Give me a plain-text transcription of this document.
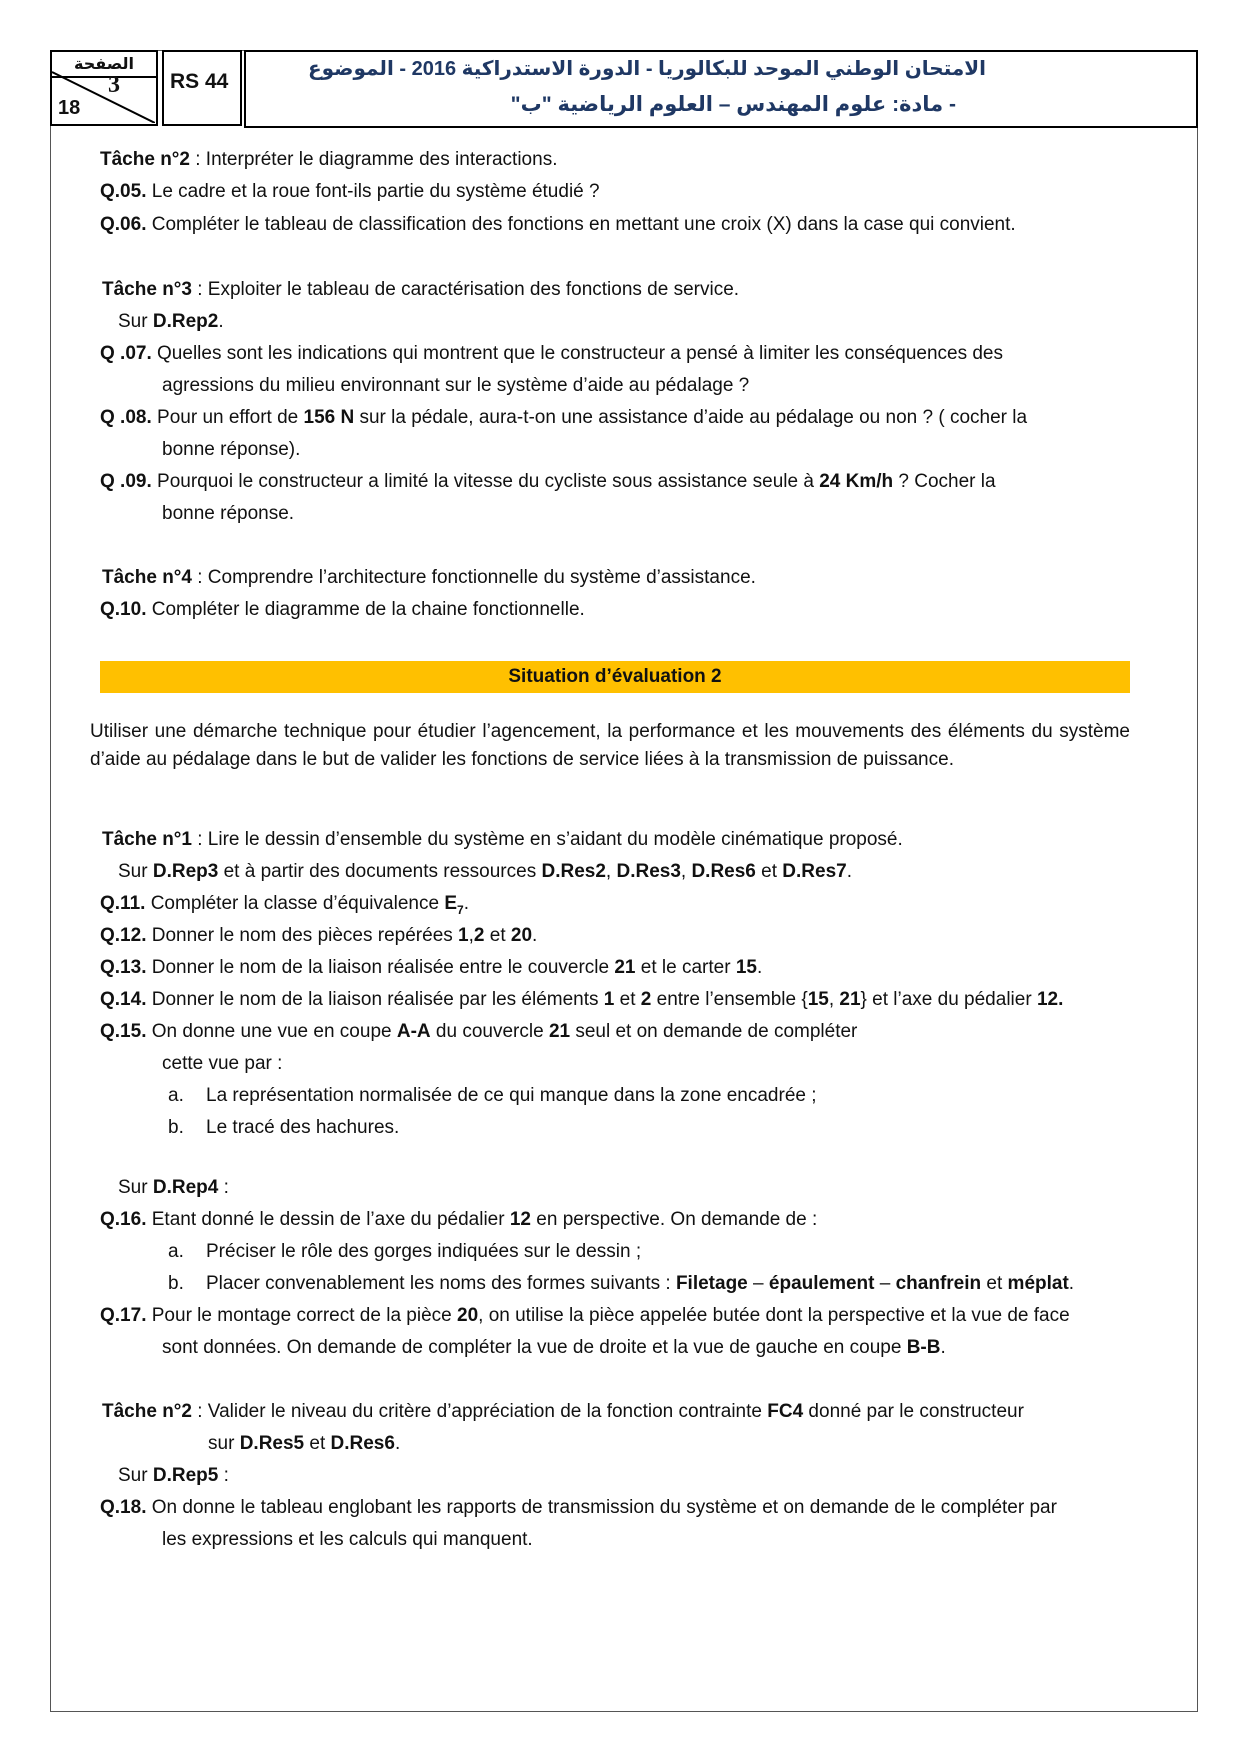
الصفحة
3
18
RS 44
الامتحان الوطني الموحد للبكالوريا - الدورة الاستدراكية 2016 - الموضوع
- مادة: علوم المهندس – العلوم الرياضية "ب"
Tâche n°2 : Interpréter le diagramme des interactions.
Q.05. Le cadre et la roue font-ils partie du système étudié ?
Q.06. Compléter le tableau de classification des fonctions en mettant une croix (X) dans la case qui convient.
Tâche n°3 : Exploiter le tableau de caractérisation des fonctions de service.
Sur D.Rep2.
Q .07. Quelles sont les indications qui montrent que le constructeur a pensé à limiter les conséquences des
agressions du milieu environnant sur le système d’aide au pédalage ?
Q .08. Pour un effort de 156 N sur la pédale, aura-t-on une assistance d’aide au pédalage ou non ? ( cocher la
bonne réponse).
Q .09. Pourquoi le constructeur a limité la vitesse du cycliste sous assistance seule à 24 Km/h ? Cocher la
bonne réponse.
Tâche n°4 : Comprendre l’architecture fonctionnelle du système d’assistance.
Q.10. Compléter le diagramme de la chaine fonctionnelle.
Situation d’évaluation 2
Utiliser une démarche technique pour étudier l’agencement, la performance et les mouvements des éléments du système d’aide au pédalage dans le but de valider les fonctions de service liées à la transmission de puissance.
Tâche n°1 : Lire le dessin d’ensemble du système en s’aidant du modèle cinématique proposé.
Sur D.Rep3 et à partir des documents ressources D.Res2, D.Res3, D.Res6 et D.Res7.
Q.11. Compléter la classe d’équivalence $E_7$.
Q.12. Donner le nom des pièces repérées 1,2 et 20.
Q.13. Donner le nom de la liaison réalisée entre le couvercle 21 et le carter 15.
Q.14. Donner le nom de la liaison réalisée par les éléments 1 et 2 entre l’ensemble {15, 21} et l’axe du pédalier 12.
Q.15. On donne une vue en coupe A-A du couvercle 21 seul et on demande de compléter
cette vue par :
a. La représentation normalisée de ce qui manque dans la zone encadrée ;
b. Le tracé des hachures.
Sur D.Rep4 :
Q.16. Etant donné le dessin de l’axe du pédalier 12 en perspective. On demande de :
a. Préciser le rôle des gorges indiquées sur le dessin ;
b. Placer convenablement les noms des formes suivants : Filetage – épaulement – chanfrein et méplat.
Q.17. Pour le montage correct de la pièce 20, on utilise la pièce appelée butée dont la perspective et la vue de face
sont données. On demande de compléter la vue de droite et la vue de gauche en coupe B-B.
Tâche n°2 : Valider le niveau du critère d’appréciation de la fonction contrainte FC4 donné par le constructeur
sur D.Res5 et D.Res6.
Sur D.Rep5 :
Q.18. On donne le tableau englobant les rapports de transmission du système et on demande de le compléter par
les expressions et les calculs qui manquent.
